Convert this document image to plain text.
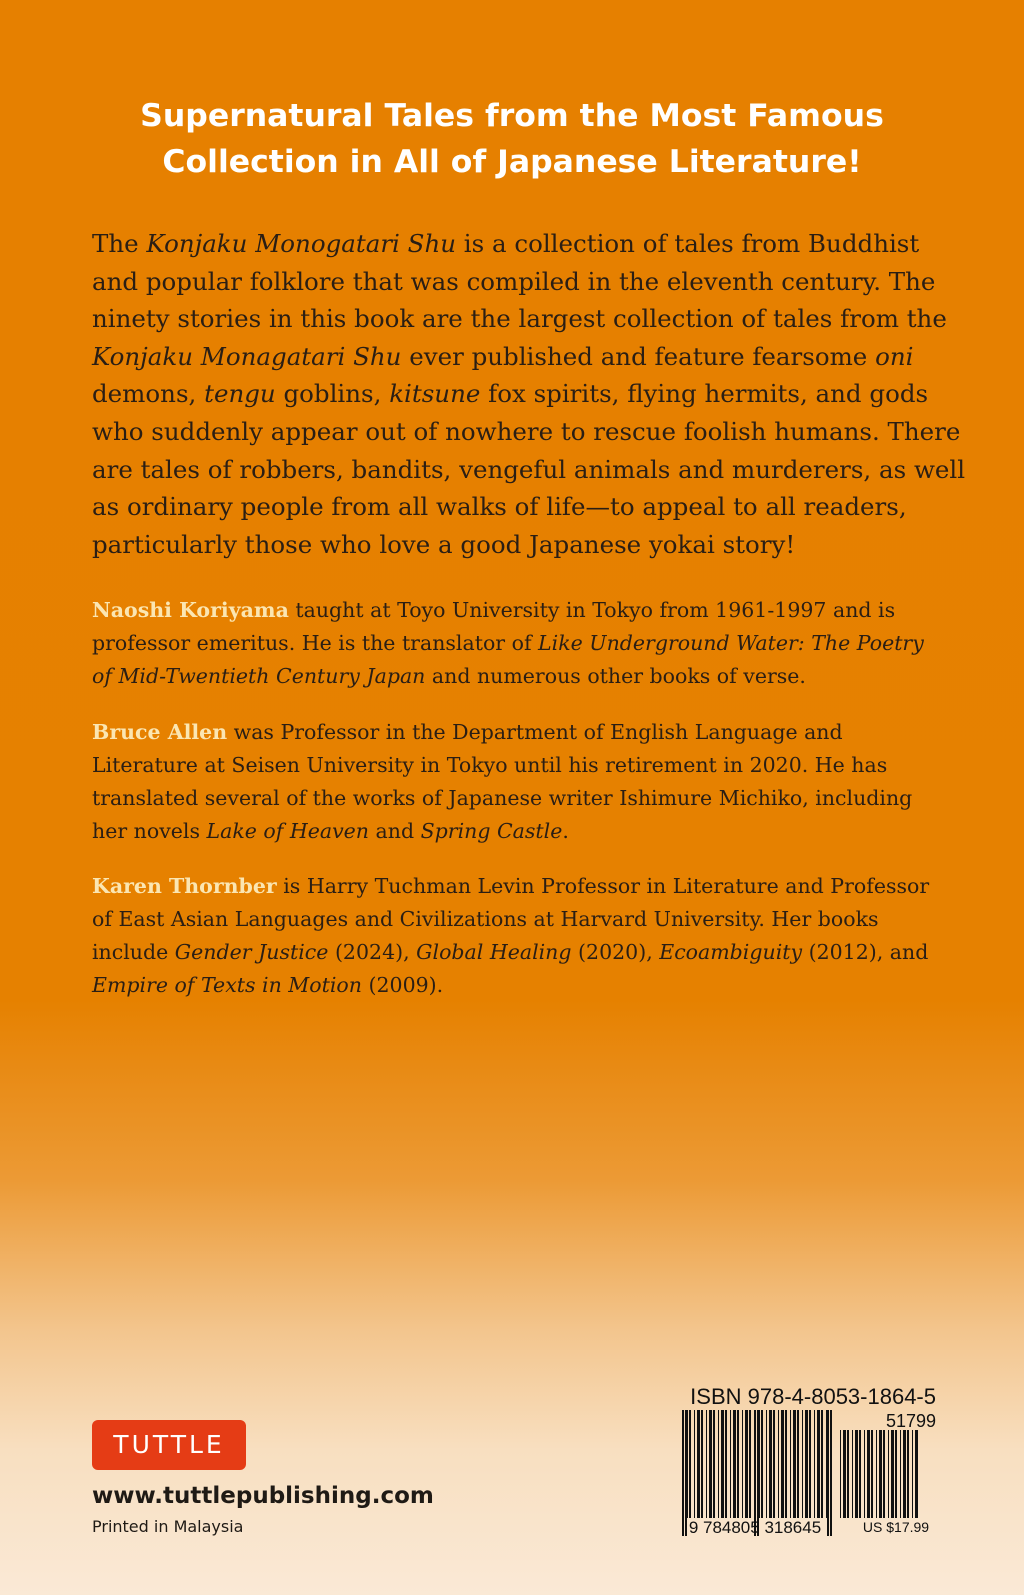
Supernatural Tales from the Most Famous
Collection in All of Japanese Literature!
The Konjaku Monogatari Shu is a collection of tales from Buddhist
and popular folklore that was compiled in the eleventh century. The
ninety stories in this book are the largest collection of tales from the
Konjaku Monagatari Shu ever published and feature fearsome oni
demons, tengu goblins, kitsune fox spirits, flying hermits, and gods
who suddenly appear out of nowhere to rescue foolish humans. There
are tales of robbers, bandits, vengeful animals and murderers, as well
as ordinary people from all walks of life—to appeal to all readers,
particularly those who love a good Japanese yokai story!
Naoshi Koriyama taught at Toyo University in Tokyo from 1961-1997 and is
professor emeritus. He is the translator of Like Underground Water: The Poetry
of Mid-Twentieth Century Japan and numerous other books of verse.
Bruce Allen was Professor in the Department of English Language and
Literature at Seisen University in Tokyo until his retirement in 2020. He has
translated several of the works of Japanese writer Ishimure Michiko, including
her novels Lake of Heaven and Spring Castle.
Karen Thornber is Harry Tuchman Levin Professor in Literature and Professor
of East Asian Languages and Civilizations at Harvard University. Her books
include Gender Justice (2024), Global Healing (2020), Ecoambiguity (2012), and
Empire of Texts in Motion (2009).
TUTTLE
www.tuttlepublishing.com
Printed in Malaysia
ISBN 978-4-8053-1864-5
51799
9 784805 318645	US $17.99
